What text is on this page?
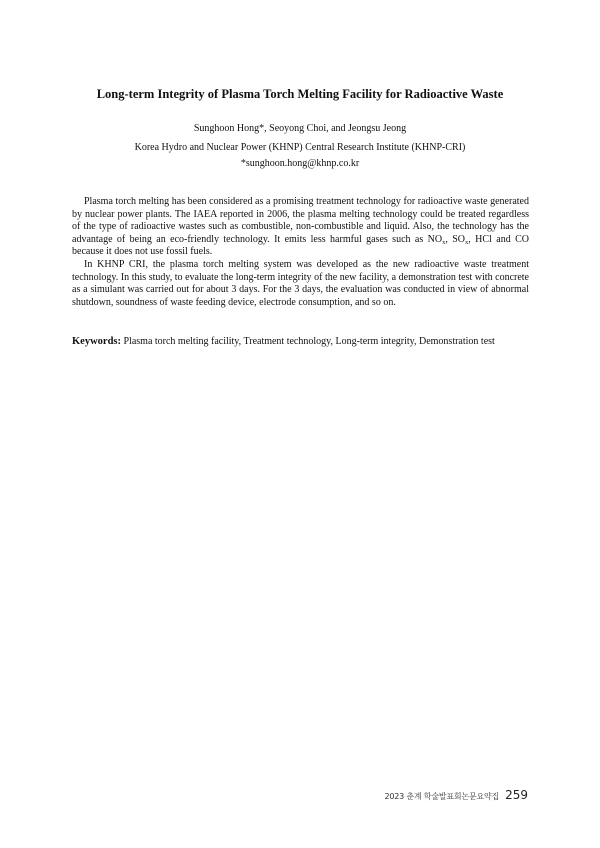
Long-term Integrity of Plasma Torch Melting Facility for Radioactive Waste

Sunghoon Hong*, Seoyong Choi, and Jeongsu Jeong

Korea Hydro and Nuclear Power (KHNP) Central Research Institute (KHNP-CRI)

*sunghoon.hong@khnp.co.kr

Plasma torch melting has been considered as a promising treatment technology for radioactive waste generated by nuclear power plants. The IAEA reported in 2006, the plasma melting technology could be treated regardless of the type of radioactive wastes such as combustible, non-combustible and liquid. Also, the technology has the advantage of being an eco-friendly technology. It emits less harmful gases such as $NO_x$, $SO_x$, HCl and CO because it does not use fossil fuels.

In KHNP CRI, the plasma torch melting system was developed as the new radioactive waste treatment technology. In this study, to evaluate the long-term integrity of the new facility, a demonstration test with concrete as a simulant was carried out for about 3 days. For the 3 days, the evaluation was conducted in view of abnormal shutdown, soundness of waste feeding device, electrode consumption, and so on.

Keywords: Plasma torch melting facility, Treatment technology, Long-term integrity, Demonstration test

2023 춘계 학술발표회논문요약집 259
